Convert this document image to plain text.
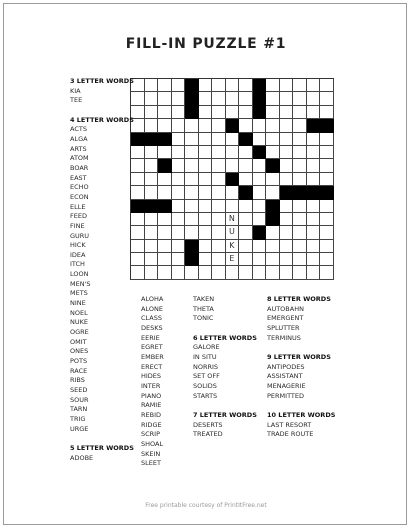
FILL-IN PUZZLE #1
N
U
K
E
3 LETTER WORDS
KIA
TEE
4 LETTER WORDS
ACTS
ALGA
ARTS
ATOM
BOAR
EAST
ECHO
ECON
ELLE
FEED
FINE
GURU
HICK
IDEA
ITCH
LOON
MEN'S
METS
NINE
NOEL
NUKE
OGRE
OMIT
ONES
POTS
RACE
RIBS
SEED
SOUR
TARN
TRIG
URGE
5 LETTER WORDS
ADOBE
ALOHA
ALONE
CLASS
DESKS
EERIE
EGRET
EMBER
ERECT
HIDES
INTER
PIANO
RAMIE
REBID
RIDGE
SCRIP
SHOAL
SKEIN
SLEET
TAKEN
THETA
TONIC
6 LETTER WORDS
GALORE
IN SITU
NORRIS
SET OFF
SOLIDS
STARTS
7 LETTER WORDS
DESERTS
TREATED
8 LETTER WORDS
AUTOBAHN
EMERGENT
SPLUTTER
TERMINUS
9 LETTER WORDS
ANTIPODES
ASSISTANT
MENAGERIE
PERMITTED
10 LETTER WORDS
LAST RESORT
TRADE ROUTE

Free printable courtesy of PrintItFree.net
